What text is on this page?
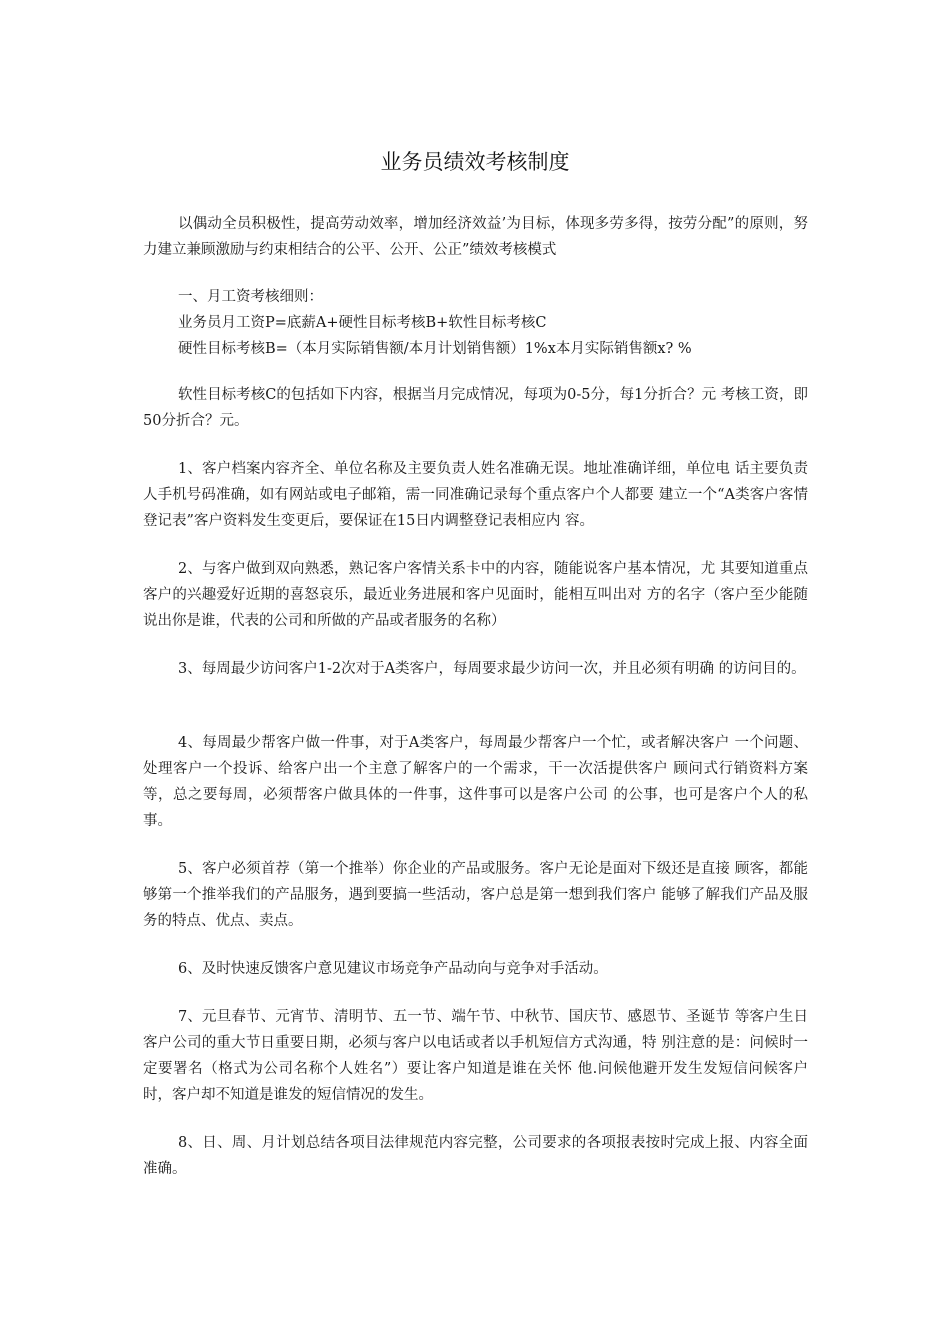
业务员绩效考核制度

以偶动全员积极性，提高劳动效率，增加经济效益’为目标，体现多劳多得，按劳分配”的原则，努力建立兼顾激励与约束相结合的公平、公开、公正”绩效考核模式

一、月工资考核细则：

业务员月工资P=底薪A+硬性目标考核B+软性目标考核C

硬性目标考核B=（本月实际销售额/本月计划销售额）1%x本月实际销售额x? %

软性目标考核C的包括如下内容，根据当月完成情况，每项为0-5分，每1分折合？元 考核工资，即50分折合？元。

1、客户档案内容齐全、单位名称及主要负责人姓名准确无误。地址准确详细，单位电 话主要负责人手机号码准确，如有网站或电子邮箱，需一同准确记录每个重点客户个人都要 建立一个“A类客户客情登记表”客户资料发生变更后，要保证在15日内调整登记表相应内 容。

2、与客户做到双向熟悉，熟记客户客情关系卡中的内容，随能说客户基本情况，尤 其要知道重点客户的兴趣爱好近期的喜怒哀乐，最近业务进展和客户见面时，能相互叫出对 方的名字（客户至少能随说出你是谁，代表的公司和所做的产品或者服务的名称）

3、每周最少访问客户1-2次对于A类客户，每周要求最少访问一次，并且必须有明确 的访问目的。

4、每周最少帮客户做一件事，对于A类客户，每周最少帮客户一个忙，或者解决客户 一个问题、处理客户一个投诉、给客户出一个主意了解客户的一个需求，干一次活提供客户 顾问式行销资料方案等，总之要每周，必须帮客户做具体的一件事，这件事可以是客户公司 的公事，也可是客户个人的私事。

5、客户必须首荐（第一个推举）你企业的产品或服务。客户无论是面对下级还是直接 顾客，都能够第一个推举我们的产品服务，遇到要搞一些活动，客户总是第一想到我们客户 能够了解我们产品及服务的特点、优点、卖点。

6、及时快速反馈客户意见建议市场竞争产品动向与竞争对手活动。

7、元旦春节、元宵节、清明节、五一节、端午节、中秋节、国庆节、感恩节、圣诞节 等客户生日客户公司的重大节日重要日期，必须与客户以电话或者以手机短信方式沟通，特 别注意的是：问候时一定要署名（格式为公司名称个人姓名”）要让客户知道是谁在关怀 他.问候他避开发生发短信问候客户时，客户却不知道是谁发的短信情况的发生。

8、日、周、月计划总结各项目法律规范内容完整，公司要求的各项报表按时完成上报、内容全面准确。
